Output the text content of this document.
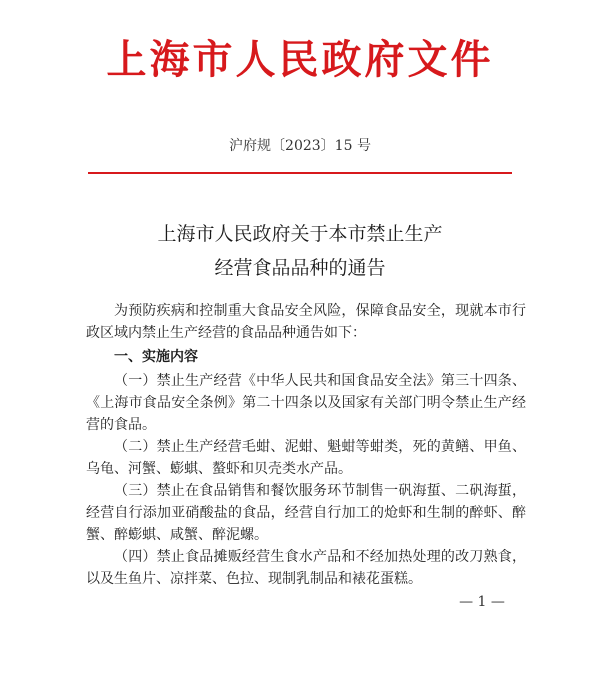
上海市人民政府文件
沪府规〔2023〕15 号
上海市人民政府关于本市禁止生产
经营食品品种的通告
为预防疾病和控制重大食品安全风险，保障食品安全，现就本市行政区域内禁止生产经营的食品品种通告如下：
一、实施内容
（一）禁止生产经营《中华人民共和国食品安全法》第三十四条、《上海市食品安全条例》第二十四条以及国家有关部门明令禁止生产经营的食品。
（二）禁止生产经营毛蚶、泥蚶、魁蚶等蚶类，死的黄鳝、甲鱼、乌龟、河蟹、蟛蜞、螯虾和贝壳类水产品。
（三）禁止在食品销售和餐饮服务环节制售一矾海蜇、二矾海蜇，经营自行添加亚硝酸盐的食品，经营自行加工的炝虾和生制的醉虾、醉蟹、醉蟛蜞、咸蟹、醉泥螺。
（四）禁止食品摊贩经营生食水产品和不经加热处理的改刀熟食，以及生鱼片、凉拌菜、色拉、现制乳制品和裱花蛋糕。
— 1 —
